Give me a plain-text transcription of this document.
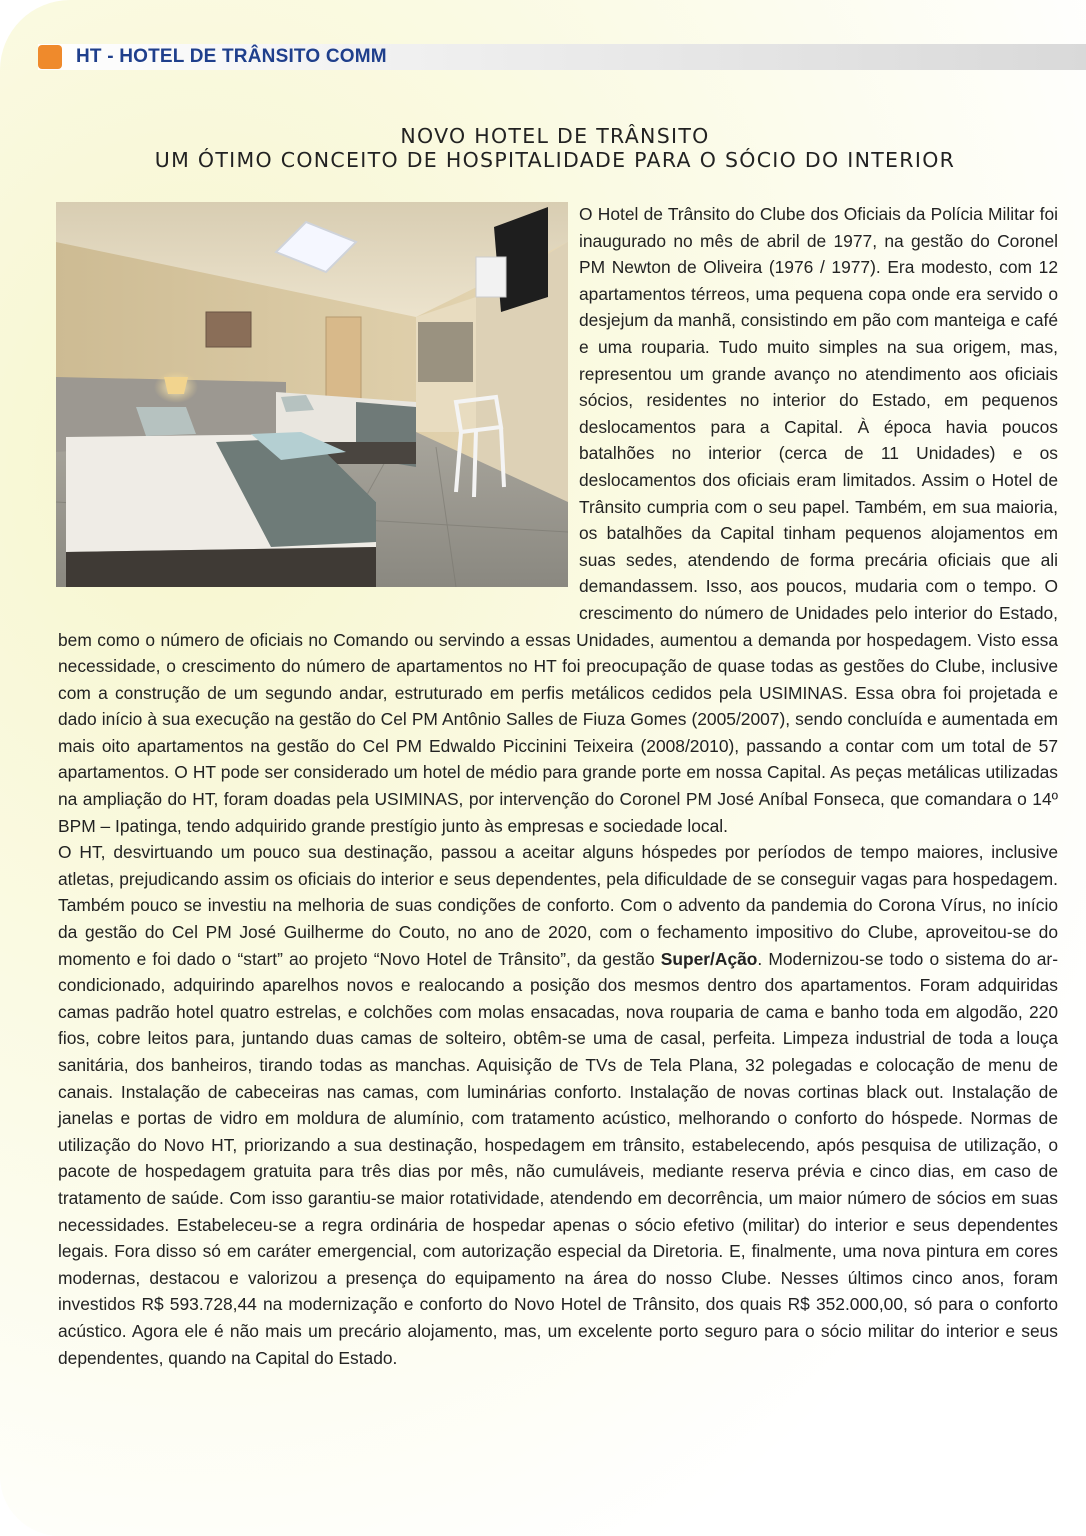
HT - HOTEL DE TRÂNSITO COMM
NOVO HOTEL DE TRÂNSITO
UM ÓTIMO CONCEITO DE HOSPITALIDADE PARA O SÓCIO DO INTERIOR

O Hotel de Trânsito do Clube dos Oficiais da Polícia Militar foi inaugurado no mês de abril de 1977, na gestão do Coronel PM Newton de Oliveira (1976 / 1977). Era modesto, com 12 apartamentos térreos, uma pequena copa onde era servido o desjejum da manhã, consistindo em pão com manteiga e café e uma rouparia. Tudo muito simples na sua origem, mas, representou um grande avanço no atendimento aos oficiais sócios, residentes no interior do Estado, em pequenos deslocamentos para a Capital. À época havia poucos batalhões no interior (cerca de 11 Unidades) e os deslocamentos dos oficiais eram limitados. Assim o Hotel de Trânsito cumpria com o seu papel. Também, em sua maioria, os batalhões da Capital tinham pequenos alojamentos em suas sedes, atendendo de forma precária oficiais que ali demandassem. Isso, aos poucos, mudaria com o tempo. O crescimento do número de Unidades pelo interior do Estado, bem como o número de oficiais no Comando ou servindo a essas Unidades, aumentou a demanda por hospedagem. Visto essa necessidade, o crescimento do número de apartamentos no HT foi preocupação de quase todas as gestões do Clube, inclusive com a construção de um segundo andar, estruturado em perfis metálicos cedidos pela USIMINAS. Essa obra foi projetada e dado início à sua execução na gestão do Cel PM Antônio Salles de Fiuza Gomes (2005/2007), sendo concluída e aumentada em mais oito apartamentos na gestão do Cel PM Edwaldo Piccinini Teixeira (2008/2010), passando a contar com um total de 57 apartamentos. O HT pode ser considerado um hotel de médio para grande porte em nossa Capital. As peças metálicas utilizadas na ampliação do HT, foram doadas pela USIMINAS, por intervenção do Coronel PM José Aníbal Fonseca, que comandara o 14º BPM – Ipatinga, tendo adquirido grande prestígio junto às empresas e sociedade local.

O HT, desvirtuando um pouco sua destinação, passou a aceitar alguns hóspedes por períodos de tempo maiores, inclusive atletas, prejudicando assim os oficiais do interior e seus dependentes, pela dificuldade de se conseguir vagas para hospedagem. Também pouco se investiu na melhoria de suas condições de conforto. Com o advento da pandemia do Corona Vírus, no início da gestão do Cel PM José Guilherme do Couto, no ano de 2020, com o fechamento impositivo do Clube, aproveitou-se do momento e foi dado o “start” ao projeto “Novo Hotel de Trânsito”, da gestão Super/Ação. Modernizou-se todo o sistema do ar-condicionado, adquirindo aparelhos novos e realocando a posição dos mesmos dentro dos apartamentos. Foram adquiridas camas padrão hotel quatro estrelas, e colchões com molas ensacadas, nova rouparia de cama e banho toda em algodão, 220 fios, cobre leitos para, juntando duas camas de solteiro, obtêm-se uma de casal, perfeita. Limpeza industrial de toda a louça sanitária, dos banheiros, tirando todas as manchas. Aquisição de TVs de Tela Plana, 32 polegadas e colocação de menu de canais. Instalação de cabeceiras nas camas, com luminárias conforto. Instalação de novas cortinas black out. Instalação de janelas e portas de vidro em moldura de alumínio, com tratamento acústico, melhorando o conforto do hóspede. Normas de utilização do Novo HT, priorizando a sua destinação, hospedagem em trânsito, estabelecendo, após pesquisa de utilização, o pacote de hospedagem gratuita para três dias por mês, não cumuláveis, mediante reserva prévia e cinco dias, em caso de tratamento de saúde. Com isso garantiu-se maior rotatividade, atendendo em decorrência, um maior número de sócios em suas necessidades. Estabeleceu-se a regra ordinária de hospedar apenas o sócio efetivo (militar) do interior e seus dependentes legais. Fora disso só em caráter emergencial, com autorização especial da Diretoria. E, finalmente, uma nova pintura em cores modernas, destacou e valorizou a presença do equipamento na área do nosso Clube. Nesses últimos cinco anos, foram investidos R$ 593.728,44 na modernização e conforto do Novo Hotel de Trânsito, dos quais R$ 352.000,00, só para o conforto acústico. Agora ele é não mais um precário alojamento, mas, um excelente porto seguro para o sócio militar do interior e seus dependentes, quando na Capital do Estado.
